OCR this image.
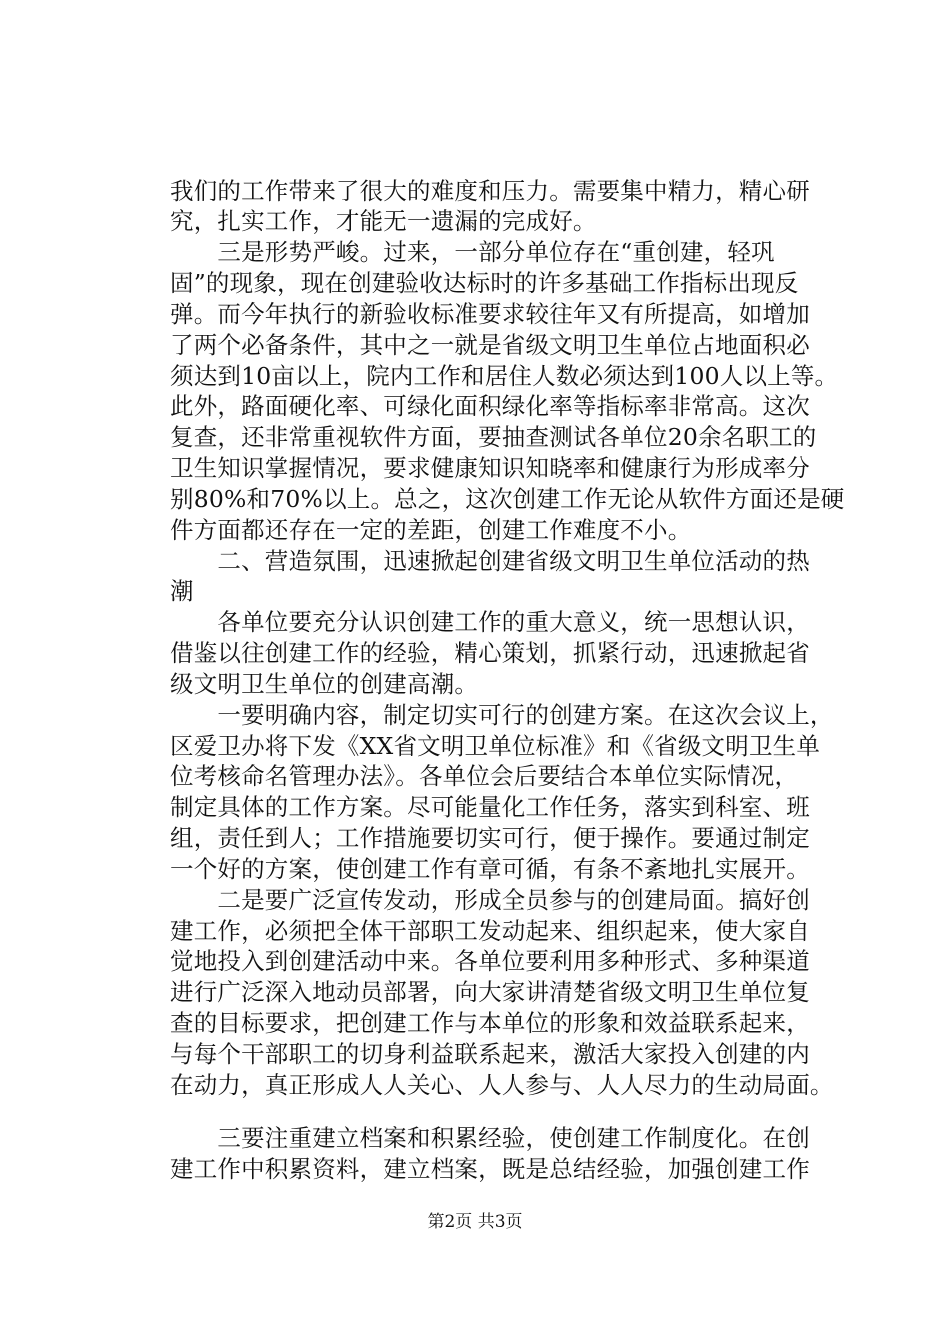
我们的工作带来了很大的难度和压力。需要集中精力，精心研
究，扎实工作，才能无一遗漏的完成好。
　　三是形势严峻。过来，一部分单位存在“重创建，轻巩
固”的现象，现在创建验收达标时的许多基础工作指标出现反
弹。而今年执行的新验收标准要求较往年又有所提高，如增加
了两个必备条件，其中之一就是省级文明卫生单位占地面积必
须达到10亩以上，院内工作和居住人数必须达到100人以上等。
此外，路面硬化率、可绿化面积绿化率等指标率非常高。这次
复查，还非常重视软件方面，要抽查测试各单位20余名职工的
卫生知识掌握情况，要求健康知识知晓率和健康行为形成率分
别80%和70%以上。总之，这次创建工作无论从软件方面还是硬
件方面都还存在一定的差距，创建工作难度不小。
　　二、营造氛围，迅速掀起创建省级文明卫生单位活动的热
潮
　　各单位要充分认识创建工作的重大意义，统一思想认识，
借鉴以往创建工作的经验，精心策划，抓紧行动，迅速掀起省
级文明卫生单位的创建高潮。
　　一要明确内容，制定切实可行的创建方案。在这次会议上，
区爱卫办将下发《XX省文明卫单位标准》和《省级文明卫生单
位考核命名管理办法》。各单位会后要结合本单位实际情况，
制定具体的工作方案。尽可能量化工作任务，落实到科室、班
组，责任到人；工作措施要切实可行，便于操作。要通过制定
一个好的方案，使创建工作有章可循，有条不紊地扎实展开。
　　二是要广泛宣传发动，形成全员参与的创建局面。搞好创
建工作，必须把全体干部职工发动起来、组织起来，使大家自
觉地投入到创建活动中来。各单位要利用多种形式、多种渠道
进行广泛深入地动员部署，向大家讲清楚省级文明卫生单位复
查的目标要求，把创建工作与本单位的形象和效益联系起来，
与每个干部职工的切身利益联系起来，激活大家投入创建的内
在动力，真正形成人人关心、人人参与、人人尽力的生动局面。
　　三要注重建立档案和积累经验，使创建工作制度化。在创
建工作中积累资料，建立档案，既是总结经验，加强创建工作
第2页 共3页
